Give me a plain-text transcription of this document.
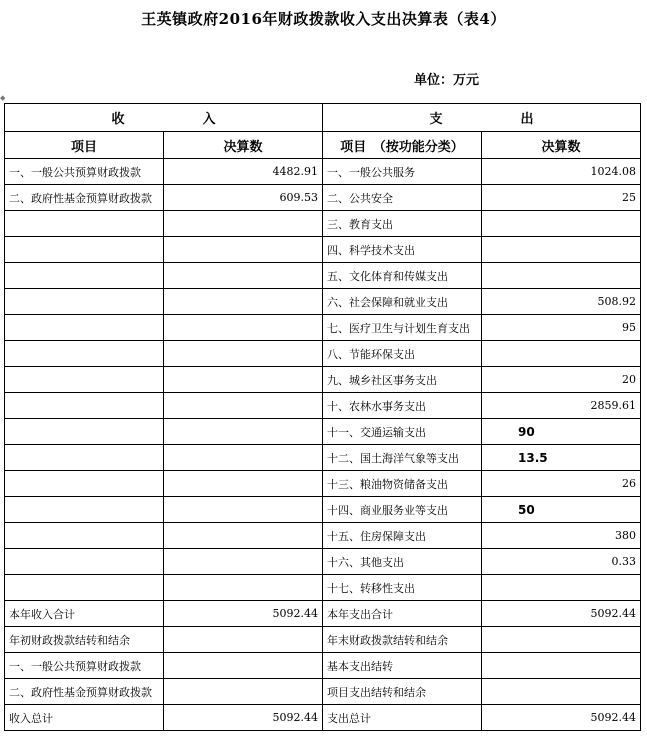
王英镇政府2016年财政拨款收入支出决算表（表4）
单位：万元
◆
收　　　　　　入		支　　　　　　出	
项目	决算数	项目　（按功能分类）	决算数
一、一般公共预算财政拨款	4482.91	一、一般公共服务	1024.08
二、政府性基金预算财政拨款	609.53	二、公共安全	25
		三、教育支出	
		四、科学技术支出	
		五、文化体育和传媒支出	
		六、社会保障和就业支出	508.92
		七、医疗卫生与计划生育支出	95
		八、节能环保支出	
		九、城乡社区事务支出	20
		十、农林水事务支出	2859.61
		十一、交通运输支出	90
		十二、国土海洋气象等支出	13.5
		十三、粮油物资储备支出	26
		十四、商业服务业等支出	50
		十五、住房保障支出	380
		十六、其他支出	0.33
		十七、转移性支出	
本年收入合计	5092.44	本年支出合计	5092.44
年初财政拨款结转和结余		年末财政拨款结转和结余	
一、一般公共预算财政拨款		基本支出结转	
二、政府性基金预算财政拨款		项目支出结转和结余	
收入总计	5092.44	支出总计	5092.44
